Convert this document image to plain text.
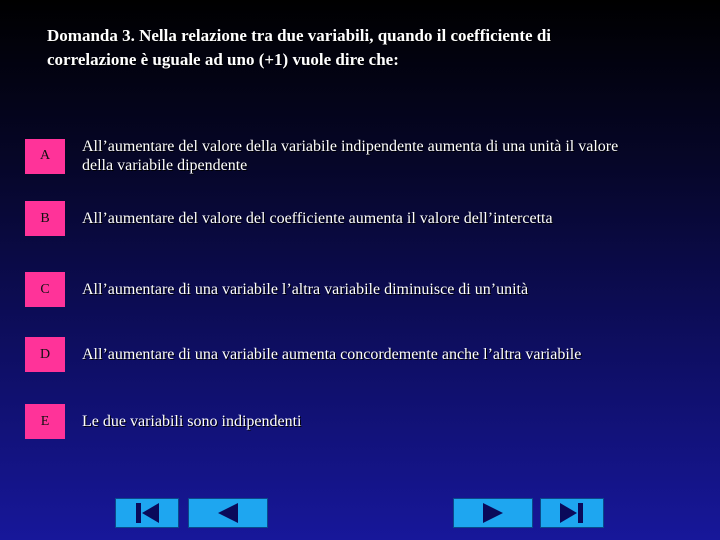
Domanda 3. Nella relazione tra due variabili, quando il coefficiente di
correlazione è uguale ad uno (+1) vuole dire che:
A
All’aumentare del valore della variabile indipendente aumenta di una unità il valore della variabile dipendente
B	All’aumentare del valore del coefficiente aumenta il valore dell’intercetta
C	All’aumentare di una variabile l’altra variabile diminuisce di un’unità
D	All’aumentare di una variabile aumenta concordemente anche l’altra variabile
E	Le due variabili sono indipendenti
